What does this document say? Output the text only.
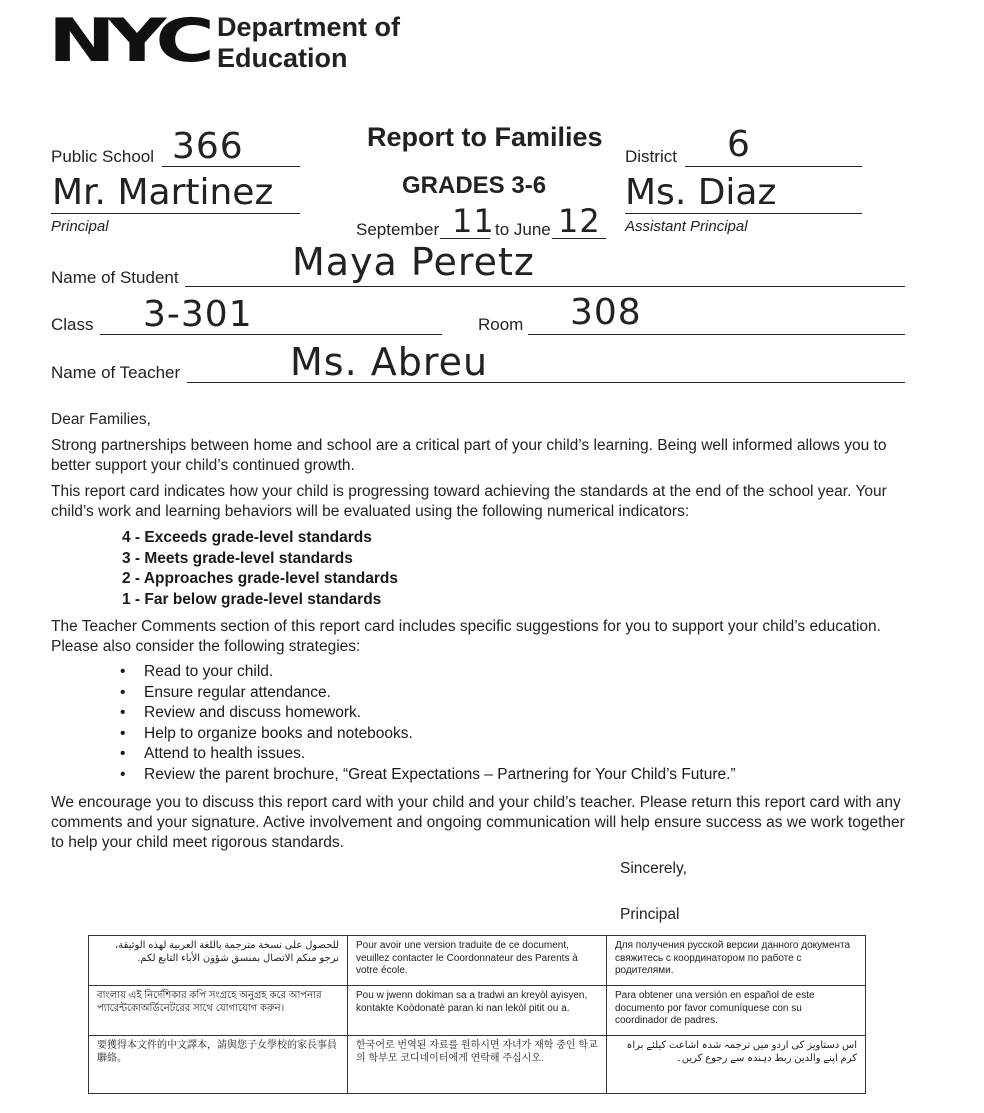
NYC Department of
Education
Report to Families
GRADES 3-6
Public School 366	District 6
Mr. Martinez
Principal
Ms. Diaz
Assistant Principal
September 11 to June 12
Name of Student	Maya Peretz
Class 3-301	Room 308
Name of Teacher	Ms. Abreu
Dear Families,
Strong partnerships between home and school are a critical part of your child’s learning. Being well informed allows you to better support your child’s continued growth.
This report card indicates how your child is progressing toward achieving the standards at the end of the school year. Your child’s work and learning behaviors will be evaluated using the following numerical indicators:
4 - Exceeds grade-level standards
3 - Meets grade-level standards
2 - Approaches grade-level standards
1 - Far below grade-level standards
The Teacher Comments section of this report card includes specific suggestions for you to support your child’s education. Please also consider the following strategies:
• Read to your child.
• Ensure regular attendance.
• Review and discuss homework.
• Help to organize books and notebooks.
• Attend to health issues.
• Review the parent brochure, “Great Expectations – Partnering for Your Child’s Future.”
We encourage you to discuss this report card with your child and your child’s teacher. Please return this report card with any comments and your signature. Active involvement and ongoing communication will help ensure success as we work together to help your child meet rigorous standards.
Sincerely,
Principal
للحصول على نسخة مترجمة باللغة العربية لهذه الوثيقة، نرجو منكم الاتصال بمنسق شؤون الأباء التابع لكم.	Pour avoir une version traduite de ce document, veuillez contacter le Coordonnateur des Parents à votre école.	Для получения русской версии данного документа свяжитесь с координатором по работе с родителями.
বাংলায় এই নির্দেশিকার কপি সংগ্রহে অনুগ্রহ করে আপনার প্যারেন্টকোঅর্ডিনেটরের সাথে যোগাযোগ করুন।	Pou w jwenn dokiman sa a tradwi an kreyòl ayisyen, kontakte Koòdonatè paran ki nan lekòl pitit ou a.	Para obtener una versión en español de este documento por favor comuníquese con su coordinador de padres.
要獲得本文件的中文譯本，請與您子女學校的家長事員聯絡。	한국어로 번역된 자료를 원하시면 자녀가 재학 중인 학교의 학부모 코디네이터에게 연락해 주십시오.	اس دستاویز کی اردو میں ترجمہ شدہ اشاعت کیلئے براہ کرم اپنے والدین ربط دہندہ سے رجوع کریں۔
